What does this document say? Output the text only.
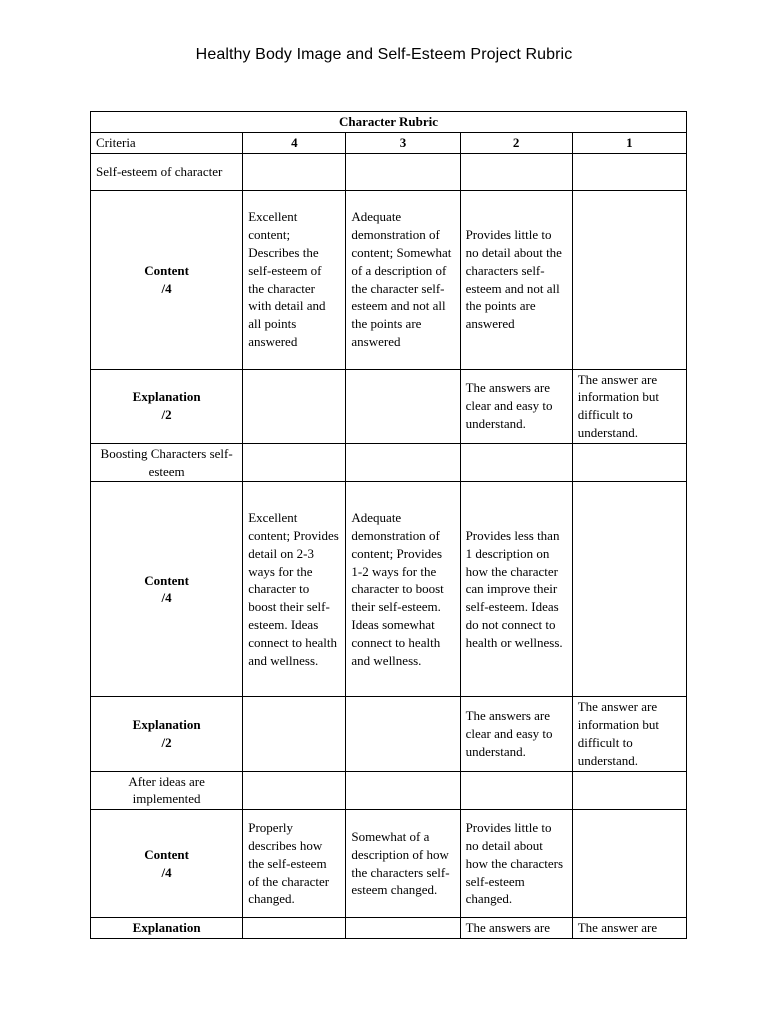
Healthy Body Image and Self-Esteem Project Rubric
Character Rubric				
Criteria	4	3	2	1
Self-esteem of character				

Content
/4	Excellent content; Describes the self-esteem of the character with detail and all points answered	Adequate demonstration of content; Somewhat of a description of the character self-esteem and not all the points are answered	Provides little to no detail about the characters self-esteem and not all the points are answered	

Explanation
/2			The answers are clear and easy to understand.	The answer are information but difficult to understand.
Boosting Characters self-esteem				

Content
/4	Excellent content; Provides detail on 2-3 ways for the character to boost their self-esteem. Ideas connect to health and wellness.	Adequate demonstration of content; Provides 1-2 ways for the character to boost their self-esteem. Ideas somewhat connect to health and wellness.	Provides less than 1 description on how the character can improve their self-esteem. Ideas do not connect to health or wellness.	

Explanation
/2			The answers are clear and easy to understand.	The answer are information but difficult to understand.
After ideas are implemented				

Content
/4	Properly describes how the self-esteem of the character changed.	Somewhat of a description of how the characters self-esteem changed.	Provides little to no detail about how the characters self-esteem changed.	

Explanation			The answers are	The answer are
